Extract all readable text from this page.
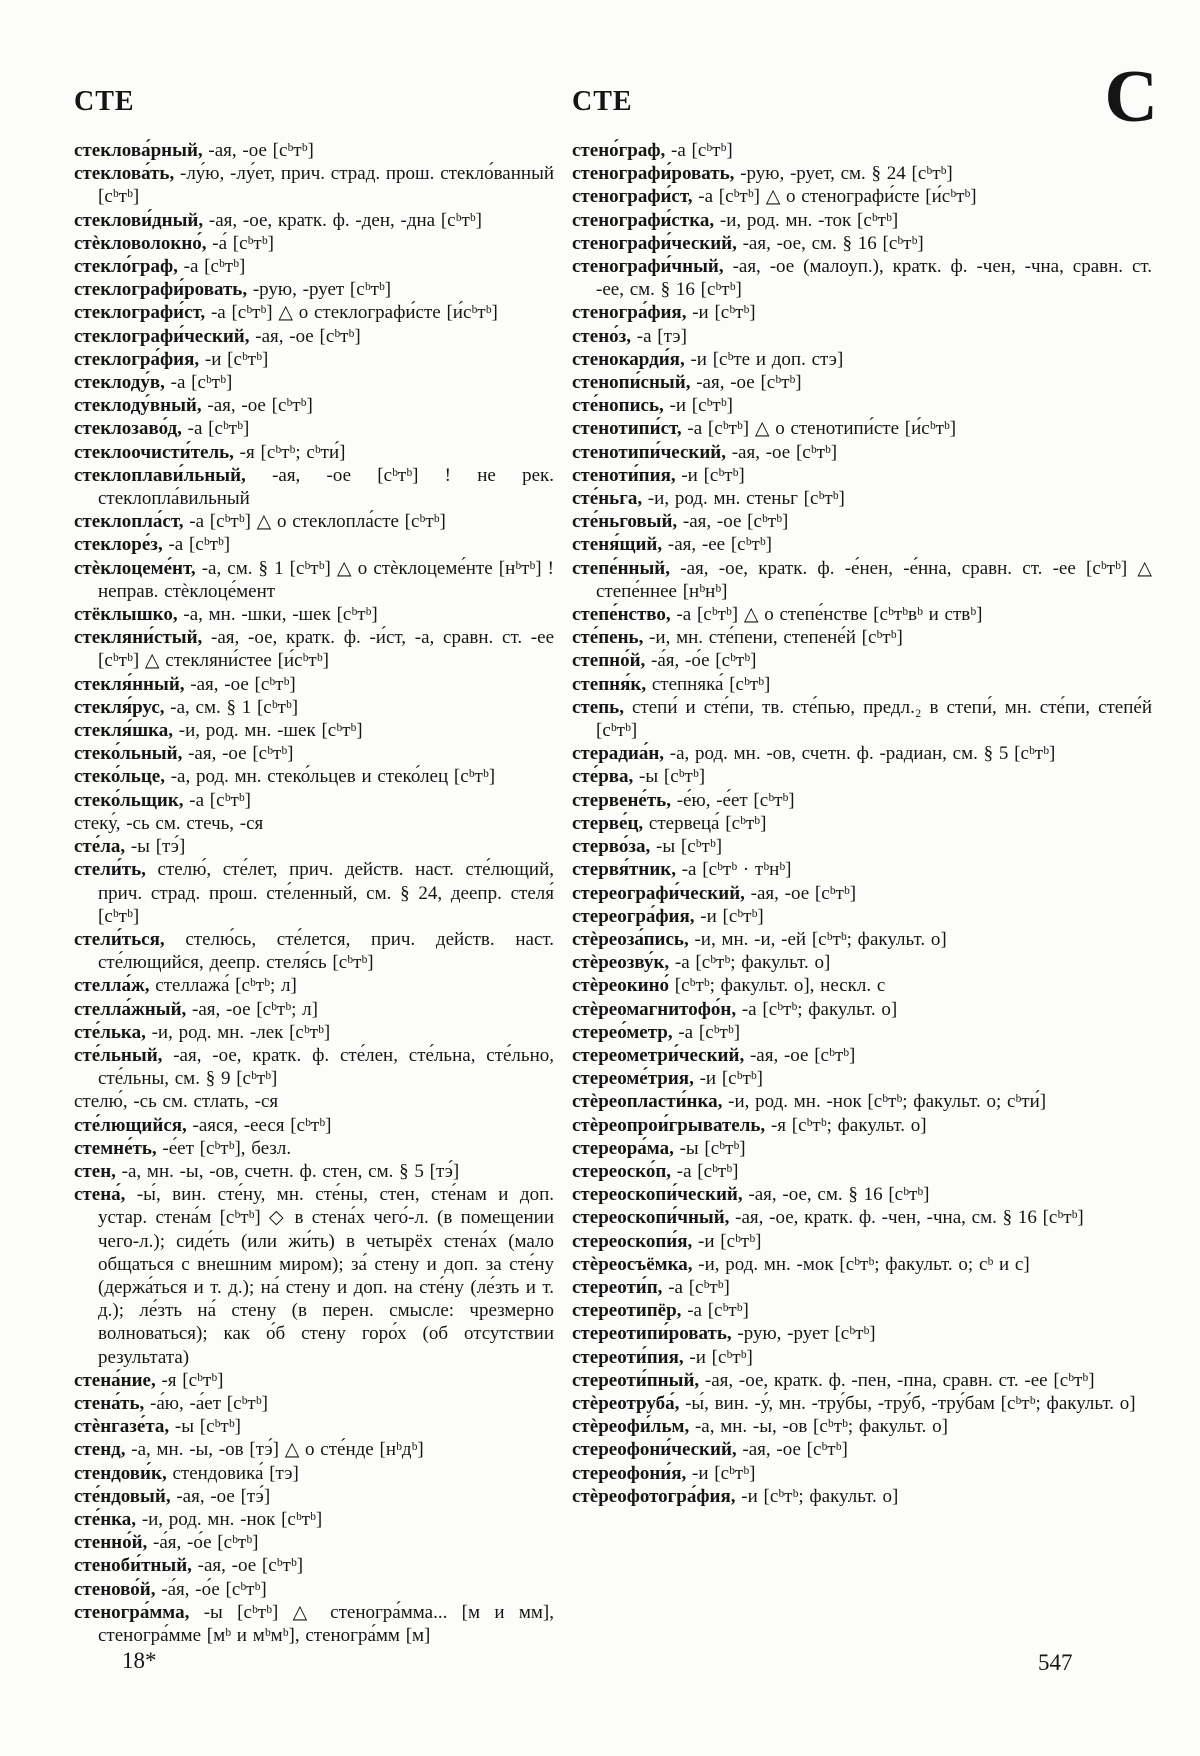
С
СТЕ

стеклова́рный, -ая, -ое [сᵇтᵇ]

стеклова́ть, -лу́ю, -лу́ет, прич. страд. прош. стекло́ванный [сᵇтᵇ]

стеклови́дный, -ая, -ое, кратк. ф. -ден, -дна [сᵇтᵇ]

стѐкловолокно́, -а́ [сᵇтᵇ]

стекло́граф, -а [сᵇтᵇ]

стеклографи́ровать, -рую, -рует [сᵇтᵇ]

стеклографи́ст, -а [сᵇтᵇ] △ о стеклографи́сте [и́сᵇтᵇ]

стеклографи́ческий, -ая, -ое [сᵇтᵇ]

стеклогра́фия, -и [сᵇтᵇ]

стеклоду́в, -а [сᵇтᵇ]

стеклоду́вный, -ая, -ое [сᵇтᵇ]

стеклозаво́д, -а [сᵇтᵇ]

стеклоочисти́тель, -я [сᵇтᵇ; сᵇти́]

стеклоплави́льный, -ая, -ое [сᵇтᵇ] ! не рек. стеклопла́вильный

стеклопла́ст, -а [сᵇтᵇ] △ о стеклопла́сте [сᵇтᵇ]

стеклоре́з, -а [сᵇтᵇ]

стѐклоцеме́нт, -а, см. § 1 [сᵇтᵇ] △ о стѐклоцеме́нте [нᵇтᵇ] ! неправ. стѐклоце́мент

стёклышко, -а, мн. -шки, -шек [сᵇтᵇ]

стекляни́стый, -ая, -ое, кратк. ф. -и́ст, -а, сравн. ст. -ее [сᵇтᵇ] △ стекляни́стее [и́сᵇтᵇ]

стекля́нный, -ая, -ое [сᵇтᵇ]

стекля́рус, -а, см. § 1 [сᵇтᵇ]

стекля́шка, -и, род. мн. -шек [сᵇтᵇ]

стеко́льный, -ая, -ое [сᵇтᵇ]

стеко́льце, -а, род. мн. стеко́льцев и стеко́лец [сᵇтᵇ]

стеко́льщик, -а [сᵇтᵇ]

стеку́, -сь см. стечь, -ся

сте́ла, -ы [тэ́]

стели́ть, стелю́, сте́лет, прич. действ. наст. сте́лющий, прич. страд. прош. сте́ленный, см. § 24, деепр. стеля́ [сᵇтᵇ]

стели́ться, стелю́сь, сте́лется, прич. действ. наст. сте́лющийся, деепр. стеля́сь [сᵇтᵇ]

стелла́ж, стеллажа́ [сᵇтᵇ; л]

стелла́жный, -ая, -ое [сᵇтᵇ; л]

сте́лька, -и, род. мн. -лек [сᵇтᵇ]

сте́льный, -ая, -ое, кратк. ф. сте́лен, сте́льна, сте́льно, сте́льны, см. § 9 [сᵇтᵇ]

стелю́, -сь см. стлать, -ся

сте́лющийся, -аяся, -ееся [сᵇтᵇ]

стемне́ть, -е́ет [сᵇтᵇ], безл.

стен, -а, мн. -ы, -ов, счетн. ф. стен, см. § 5 [тэ́]

стена́, -ы́, вин. сте́ну, мн. сте́ны, стен, сте́нам и доп. устар. стена́м [сᵇтᵇ] ◇ в стена́х чего́-л. (в помещении чего-л.); сиде́ть (или жи́ть) в четырёх стена́х (мало общаться с внешним миром); за́ стену и доп. за сте́ну (держа́ться и т. д.); на́ стену и доп. на сте́ну (ле́зть и т. д.); ле́зть на́ стену (в перен. смысле: чрезмерно волноваться); как о́б стену горо́х (об отсутствии результата)

стена́ние, -я [сᵇтᵇ]

стена́ть, -а́ю, -а́ет [сᵇтᵇ]

стѐнгазе́та, -ы [сᵇтᵇ]

стенд, -а, мн. -ы, -ов [тэ́] △ о сте́нде [нᵇдᵇ]

стендови́к, стендовика́ [тэ]

сте́ндовый, -ая, -ое [тэ́]

сте́нка, -и, род. мн. -нок [сᵇтᵇ]

стенно́й, -а́я, -о́е [сᵇтᵇ]

стеноби́тный, -ая, -ое [сᵇтᵇ]

стеново́й, -а́я, -о́е [сᵇтᵇ]

стеногра́мма, -ы [сᵇтᵇ] △ стеногра́мма... [м и мм], стеногра́мме [мᵇ и мᵇмᵇ], стеногра́мм [м]

СТЕ

стено́граф, -а [сᵇтᵇ]

стенографи́ровать, -рую, -рует, см. § 24 [сᵇтᵇ]

стенографи́ст, -а [сᵇтᵇ] △ о стенографи́сте [и́сᵇтᵇ]

стенографи́стка, -и, род. мн. -ток [сᵇтᵇ]

стенографи́ческий, -ая, -ое, см. § 16 [сᵇтᵇ]

стенографи́чный, -ая, -ое (малоуп.), кратк. ф. -чен, -чна, сравн. ст. -ее, см. § 16 [сᵇтᵇ]

стеногра́фия, -и [сᵇтᵇ]

стено́з, -а [тэ]

стенокарди́я, -и [сᵇте и доп. стэ]

стенопи́сный, -ая, -ое [сᵇтᵇ]

сте́нопись, -и [сᵇтᵇ]

стенотипи́ст, -а [сᵇтᵇ] △ о стенотипи́сте [и́сᵇтᵇ]

стенотипи́ческий, -ая, -ое [сᵇтᵇ]

стеноти́пия, -и [сᵇтᵇ]

сте́ньга, -и, род. мн. стеньг [сᵇтᵇ]

сте́ньговый, -ая, -ое [сᵇтᵇ]

стеня́щий, -ая, -ее [сᵇтᵇ]

степе́нный, -ая, -ое, кратк. ф. -е́нен, -е́нна, сравн. ст. -ее [сᵇтᵇ] △ степе́ннее [нᵇнᵇ]

степе́нство, -а [сᵇтᵇ] △ о степе́нстве [сᵇтᵇвᵇ и ствᵇ]

сте́пень, -и, мн. сте́пени, степене́й [сᵇтᵇ]

степно́й, -а́я, -о́е [сᵇтᵇ]

степня́к, степняка́ [сᵇтᵇ]

степь, степи́ и сте́пи, тв. сте́пью, предл.₂ в степи́, мн. сте́пи, степе́й [сᵇтᵇ]

стерадиа́н, -а, род. мн. -ов, счетн. ф. -радиан, см. § 5 [сᵇтᵇ]

сте́рва, -ы [сᵇтᵇ]

стервене́ть, -е́ю, -е́ет [сᵇтᵇ]

стерве́ц, стервеца́ [сᵇтᵇ]

стерво́за, -ы [сᵇтᵇ]

стервя́тник, -а [сᵇтᵇ · тᵇнᵇ]

стереографи́ческий, -ая, -ое [сᵇтᵇ]

стереогра́фия, -и [сᵇтᵇ]

стѐреоза́пись, -и, мн. -и, -ей [сᵇтᵇ; факульт. о]

стѐреозву́к, -а [сᵇтᵇ; факульт. о]

стѐреокино́ [сᵇтᵇ; факульт. о], нескл. с

стѐреомагнитофо́н, -а [сᵇтᵇ; факульт. о]

стерео́метр, -а [сᵇтᵇ]

стереометри́ческий, -ая, -ое [сᵇтᵇ]

стереоме́трия, -и [сᵇтᵇ]

стѐреопласти́нка, -и, род. мн. -нок [сᵇтᵇ; факульт. о; сᵇти́]

стѐреопрои́грыватель, -я [сᵇтᵇ; факульт. о]

стереора́ма, -ы [сᵇтᵇ]

стереоско́п, -а [сᵇтᵇ]

стереоскопи́ческий, -ая, -ое, см. § 16 [сᵇтᵇ]

стереоскопи́чный, -ая, -ое, кратк. ф. -чен, -чна, см. § 16 [сᵇтᵇ]

стереоскопи́я, -и [сᵇтᵇ]

стѐреосъёмка, -и, род. мн. -мок [сᵇтᵇ; факульт. о; сᵇ и с]

стереоти́п, -а [сᵇтᵇ]

стереотипёр, -а [сᵇтᵇ]

стереотипи́ровать, -рую, -рует [сᵇтᵇ]

стереоти́пия, -и [сᵇтᵇ]

стереоти́пный, -ая, -ое, кратк. ф. -пен, -пна, сравн. ст. -ее [сᵇтᵇ]

стѐреотруба́, -ы́, вин. -у́, мн. -тру́бы, -тру́б, -тру́бам [сᵇтᵇ; факульт. о]

стѐреофи́льм, -а, мн. -ы, -ов [сᵇтᵇ; факульт. о]

стереофони́ческий, -ая, -ое [сᵇтᵇ]

стереофони́я, -и [сᵇтᵇ]

стѐреофотогра́фия, -и [сᵇтᵇ; факульт. о]

18*	547
